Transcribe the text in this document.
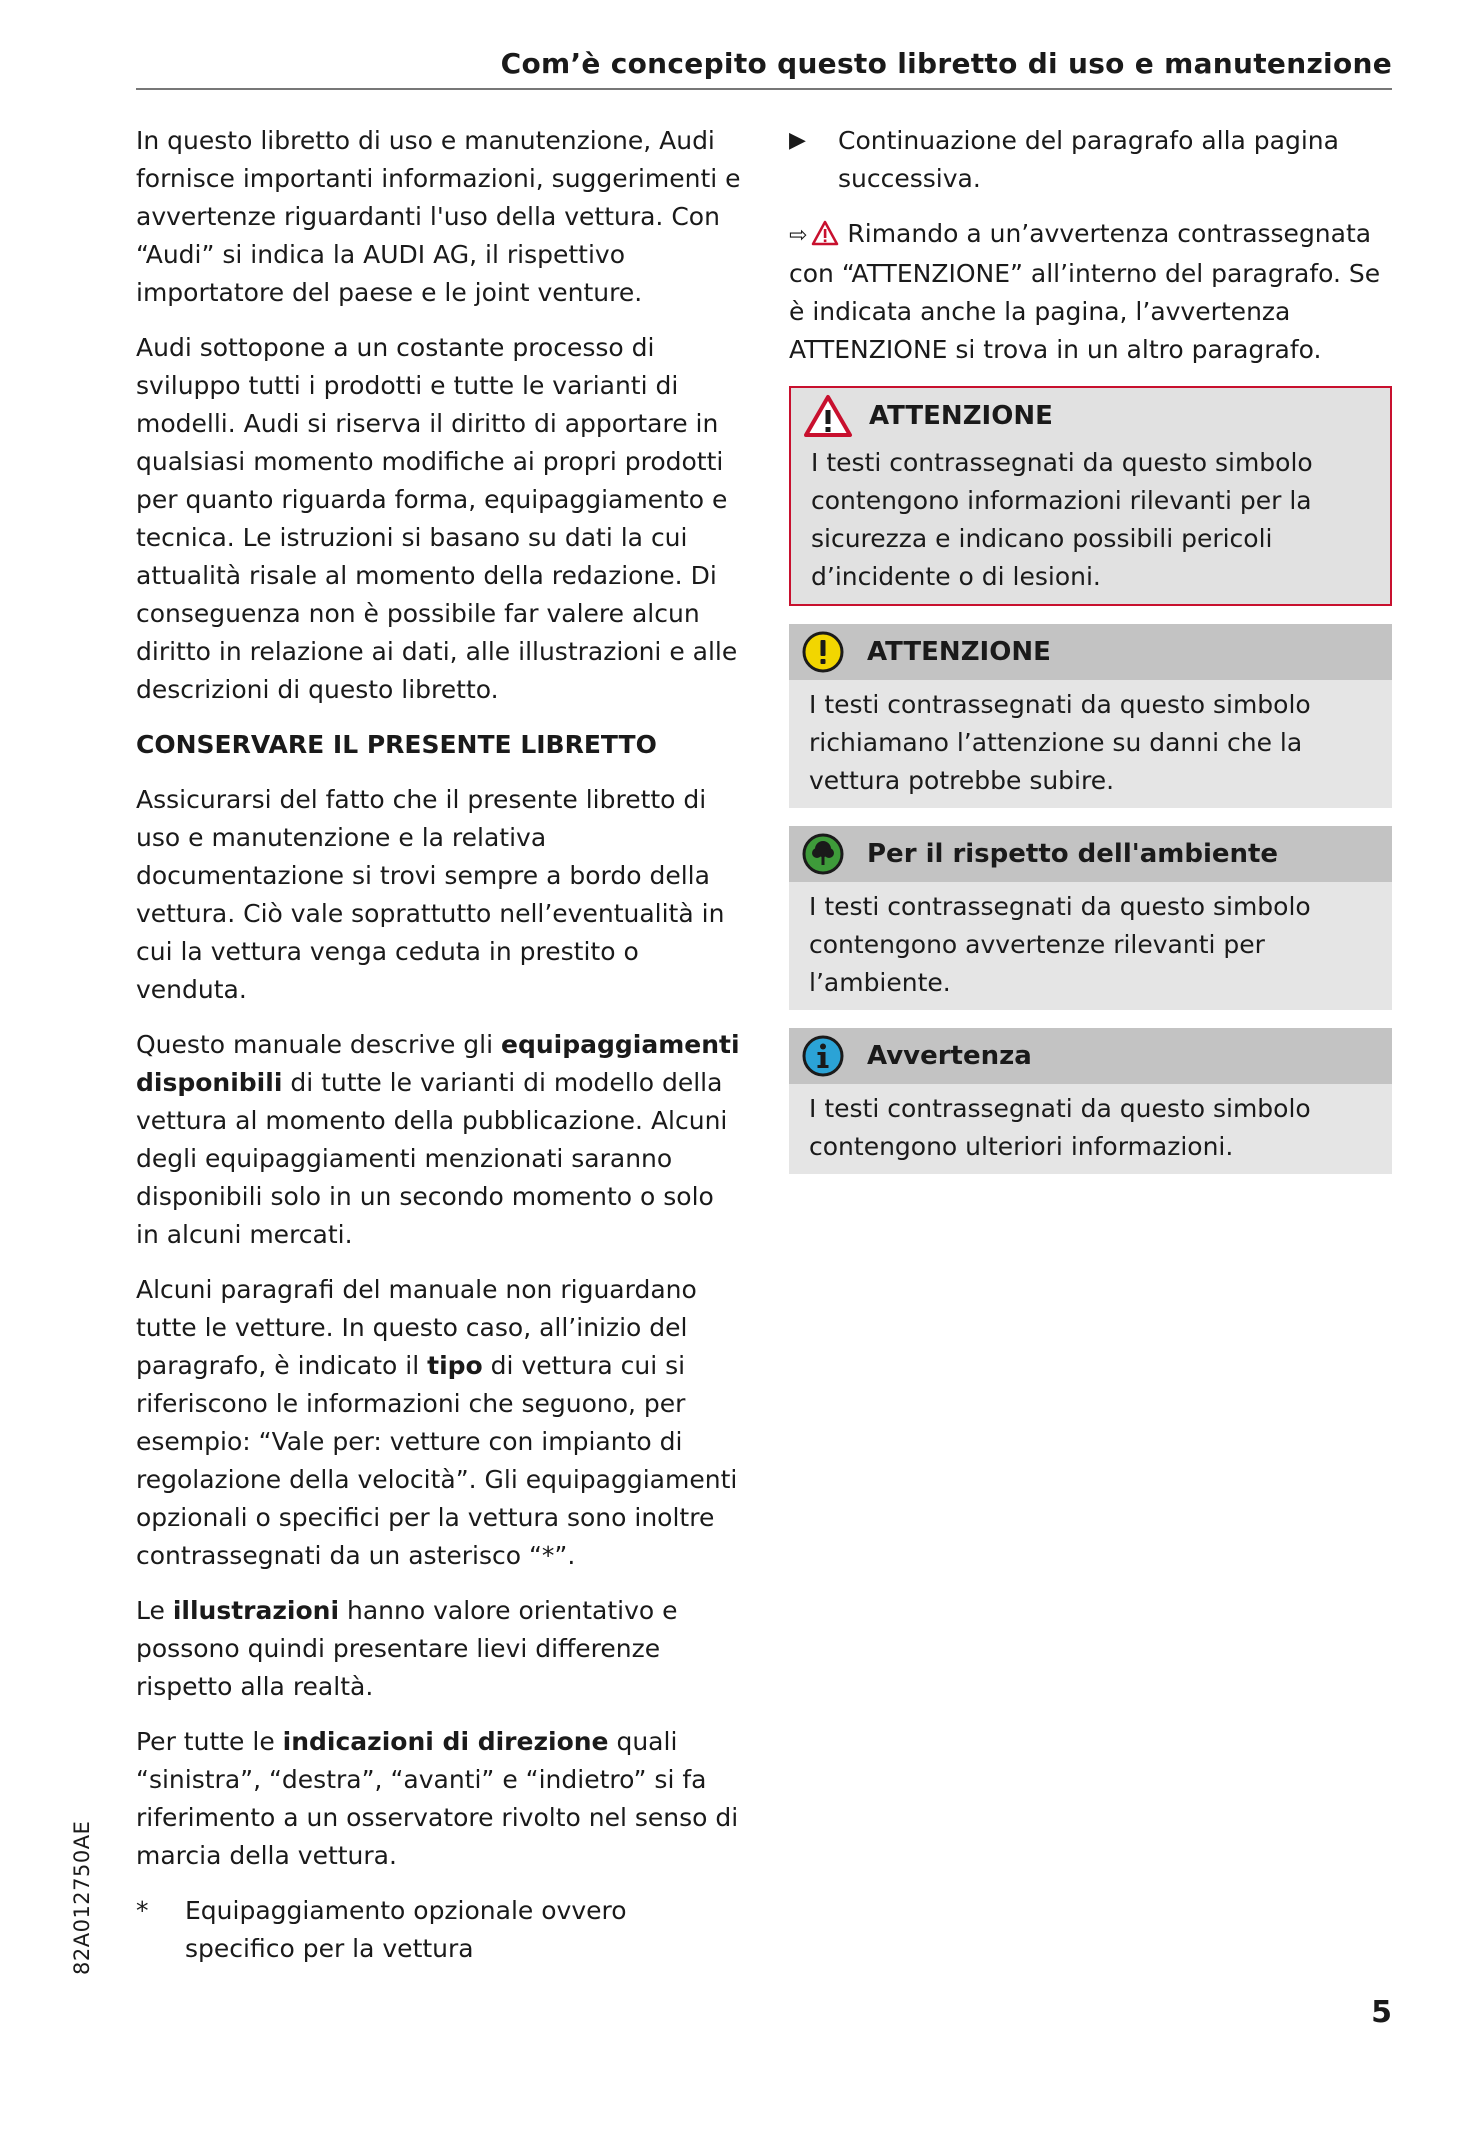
Com’è concepito questo libretto di uso e manutenzione

In questo libretto di uso e manutenzione, Audi fornisce importanti informazioni, suggerimenti e avvertenze riguardanti l'uso della vettura. Con “Audi” si indica la AUDI AG, il rispettivo importatore del paese e le joint venture.

Audi sottopone a un costante processo di sviluppo tutti i prodotti e tutte le varianti di modelli. Audi si riserva il diritto di apportare in qualsiasi momento modifiche ai propri prodotti per quanto riguarda forma, equipaggiamento e tecnica. Le istruzioni si basano su dati la cui attualità risale al momento della redazione. Di conseguenza non è possibile far valere alcun diritto in relazione ai dati, alle illustrazioni e alle descrizioni di questo libretto.

CONSERVARE IL PRESENTE LIBRETTO

Assicurarsi del fatto che il presente libretto di uso e manutenzione e la relativa documentazione si trovi sempre a bordo della vettura. Ciò vale soprattutto nell’eventualità in cui la vettura venga ceduta in prestito o venduta.

Questo manuale descrive gli equipaggiamenti disponibili di tutte le varianti di modello della vettura al momento della pubblicazione. Alcuni degli equipaggiamenti menzionati saranno disponibili solo in un secondo momento o solo in alcuni mercati.

Alcuni paragrafi del manuale non riguardano tutte le vetture. In questo caso, all’inizio del paragrafo, è indicato il tipo di vettura cui si riferiscono le informazioni che seguono, per esempio: “Vale per: vetture con impianto di regolazione della velocità”. Gli equipaggiamenti opzionali o specifici per la vettura sono inoltre contrassegnati da un asterisco “*”.

Le illustrazioni hanno valore orientativo e possono quindi presentare lievi differenze rispetto alla realtà.

Per tutte le indicazioni di direzione quali “sinistra”, “destra”, “avanti” e “indietro” si fa riferimento a un osservatore rivolto nel senso di marcia della vettura.

*	Equipaggiamento opzionale ovvero specifico per la vettura
▶	Continuazione del paragrafo alla pagina successiva.

⇨ Rimando a un’avvertenza contrassegnata con “ATTENZIONE” all’interno del paragrafo. Se è indicata anche la pagina, l’avvertenza ATTENZIONE si trova in un altro paragrafo.

ATTENZIONE
I testi contrassegnati da questo simbolo contengono informazioni rilevanti per la sicurezza e indicano possibili pericoli d’incidente o di lesioni.
ATTENZIONE
I testi contrassegnati da questo simbolo richiamano l’attenzione su danni che la vettura potrebbe subire.
Per il rispetto dell'ambiente
I testi contrassegnati da questo simbolo contengono avvertenze rilevanti per l’ambiente.
Avvertenza
I testi contrassegnati da questo simbolo contengono ulteriori informazioni.
82A012750AE
5
